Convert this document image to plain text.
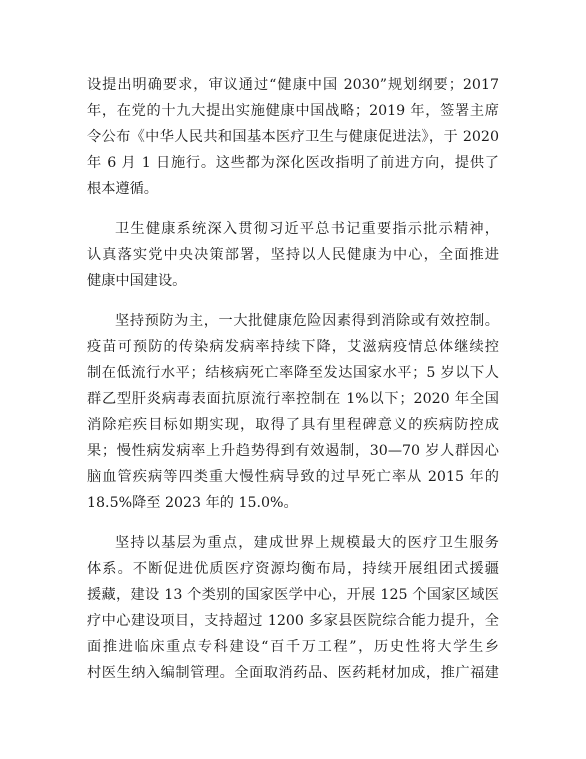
设提出明确要求，审议通过“健康中国 2030”规划纲要；2017
年，在党的十九大提出实施健康中国战略；2019 年，签署主席
令公布《中华人民共和国基本医疗卫生与健康促进法》，于 2020
年 6 月 1 日施行。这些都为深化医改指明了前进方向，提供了
根本遵循。
卫生健康系统深入贯彻习近平总书记重要指示批示精神，
认真落实党中央决策部署，坚持以人民健康为中心，全面推进
健康中国建设。
坚持预防为主，一大批健康危险因素得到消除或有效控制。
疫苗可预防的传染病发病率持续下降，艾滋病疫情总体继续控
制在低流行水平；结核病死亡率降至发达国家水平；5 岁以下人
群乙型肝炎病毒表面抗原流行率控制在 1%以下；2020 年全国
消除疟疾目标如期实现，取得了具有里程碑意义的疾病防控成
果；慢性病发病率上升趋势得到有效遏制，30—70 岁人群因心
脑血管疾病等四类重大慢性病导致的过早死亡率从 2015 年的
18.5%降至 2023 年的 15.0%。
坚持以基层为重点，建成世界上规模最大的医疗卫生服务
体系。不断促进优质医疗资源均衡布局，持续开展组团式援疆
援藏，建设 13 个类别的国家医学中心，开展 125 个国家区域医
疗中心建设项目，支持超过 1200 多家县医院综合能力提升，全
面推进临床重点专科建设“百千万工程”，历史性将大学生乡
村医生纳入编制管理。全面取消药品、医药耗材加成，推广福建
